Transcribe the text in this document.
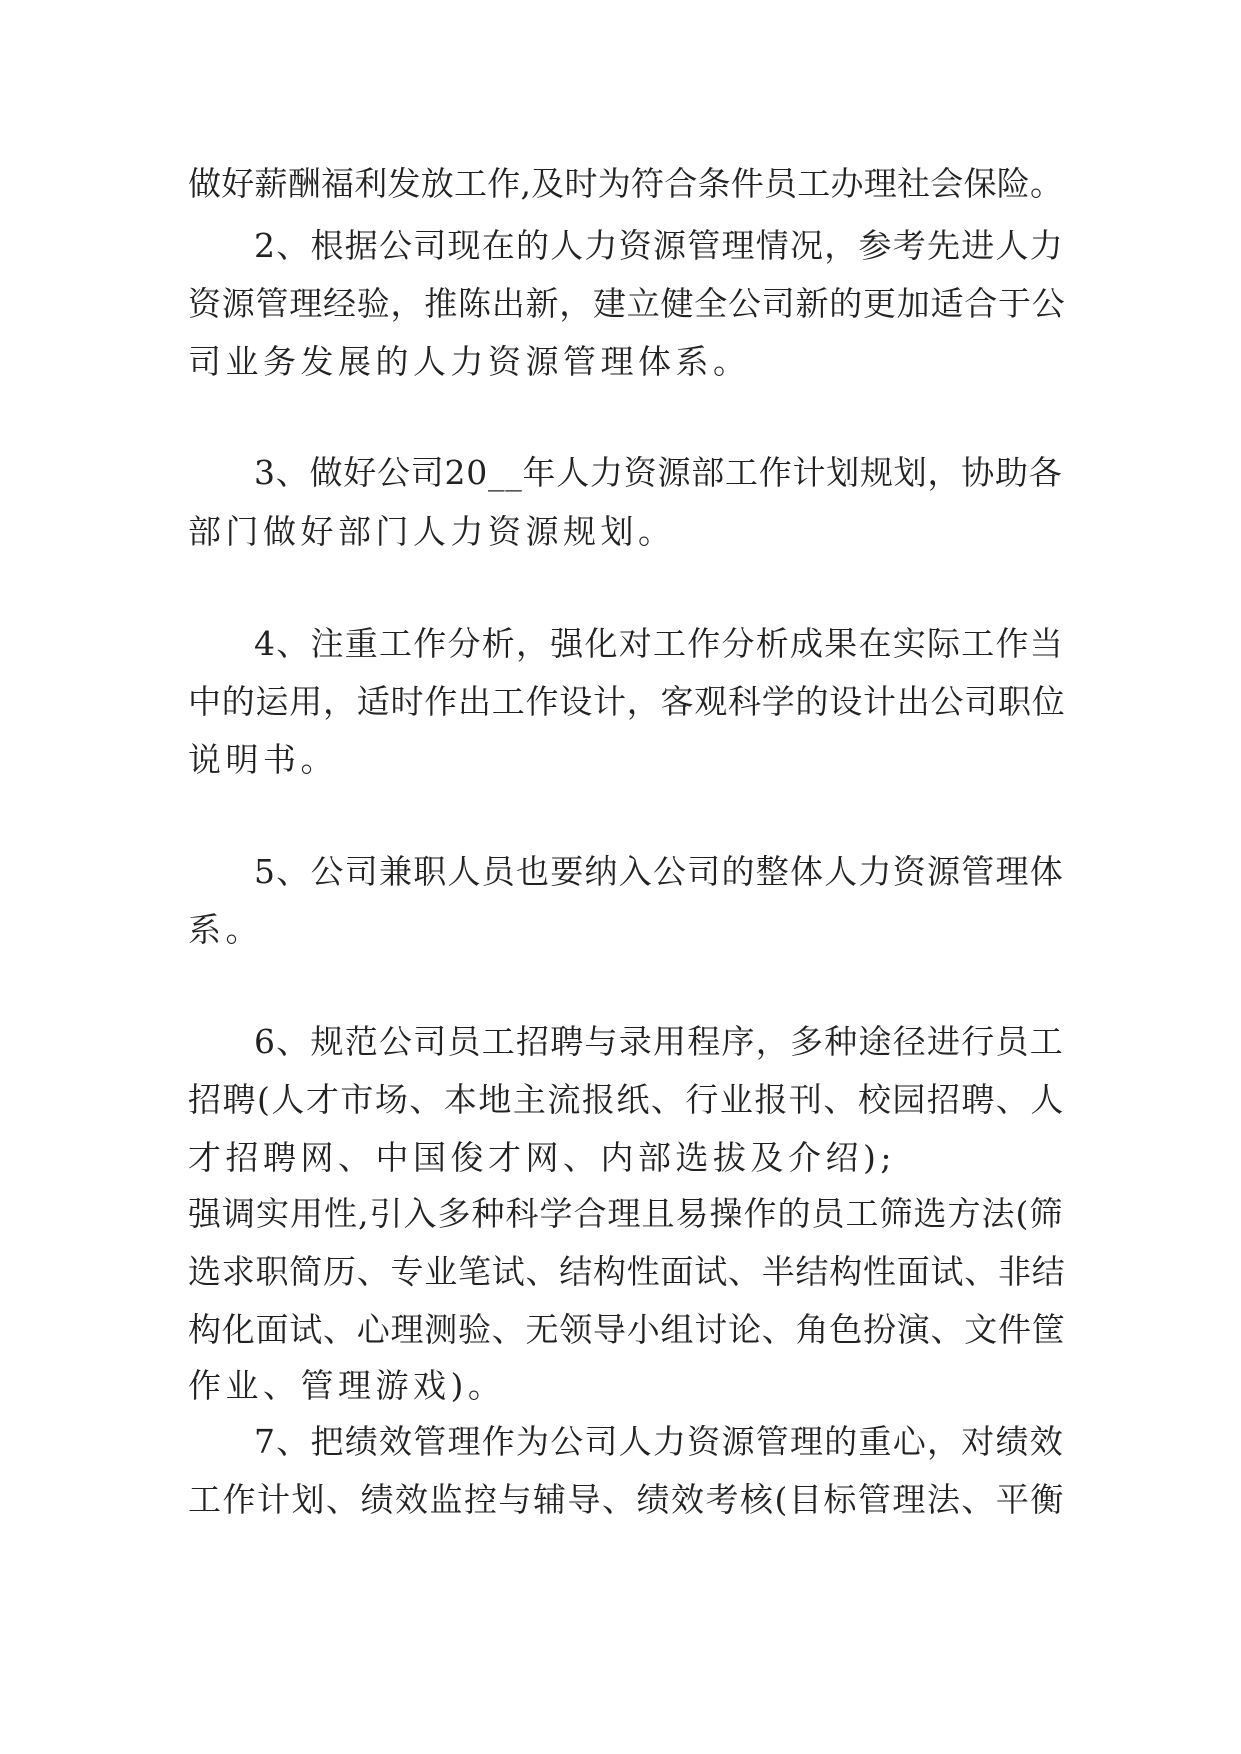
做好薪酬福利发放工作,及时为符合条件员工办理社会保险。

2、根据公司现在的人力资源管理情况，参考先进人力

资源管理经验，推陈出新，建立健全公司新的更加适合于公

司业务发展的人力资源管理体系。

3、做好公司20__年人力资源部工作计划规划，协助各

部门做好部门人力资源规划。

4、注重工作分析，强化对工作分析成果在实际工作当

中的运用，适时作出工作设计，客观科学的设计出公司职位

说明书。

5、公司兼职人员也要纳入公司的整体人力资源管理体

系。

6、规范公司员工招聘与录用程序，多种途径进行员工

招聘(人才市场、本地主流报纸、行业报刊、校园招聘、人

才招聘网、中国俊才网、内部选拔及介绍);

强调实用性,引入多种科学合理且易操作的员工筛选方法(筛

选求职简历、专业笔试、结构性面试、半结构性面试、非结

构化面试、心理测验、无领导小组讨论、角色扮演、文件筐

作业、管理游戏)。

7、把绩效管理作为公司人力资源管理的重心，对绩效

工作计划、绩效监控与辅导、绩效考核(目标管理法、平衡
